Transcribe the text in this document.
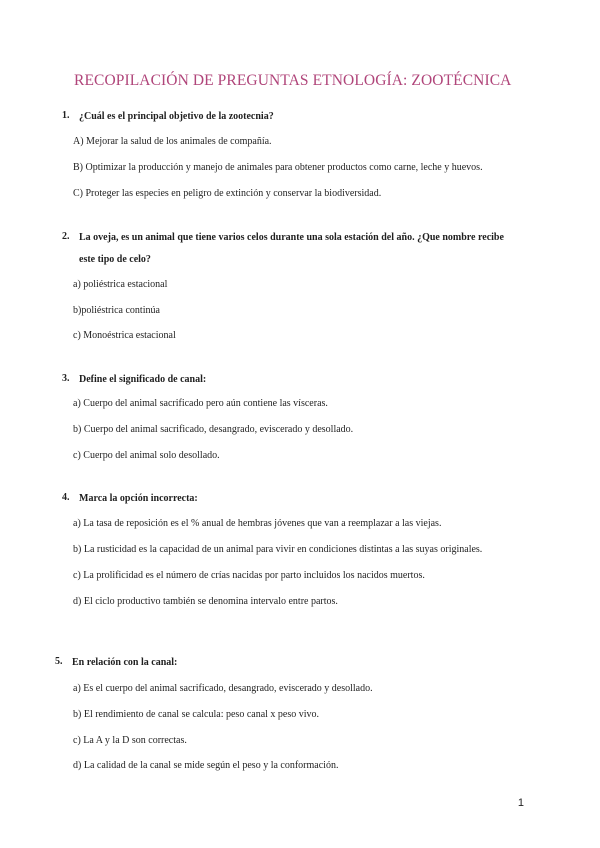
RECOPILACIÓN DE PREGUNTAS ETNOLOGÍA: ZOOTÉCNICA
1. ¿Cuál es el principal objetivo de la zootecnia?

A) Mejorar la salud de los animales de compañía.

B) Optimizar la producción y manejo de animales para obtener productos como carne, leche y huevos.

C) Proteger las especies en peligro de extinción y conservar la biodiversidad.

2. La oveja, es un animal que tiene varios celos durante una sola estación del año. ¿Que nombre recibe
este tipo de celo?

a) poliéstrica estacional

b)poliéstrica continúa

c) Monoéstrica estacional

3. Define el significado de canal:

a) Cuerpo del animal sacrificado pero aún contiene las vísceras.

b) Cuerpo del animal sacrificado, desangrado, eviscerado y desollado.

c) Cuerpo del animal solo desollado.

4. Marca la opción incorrecta:

a) La tasa de reposición es el % anual de hembras jóvenes que van a reemplazar a las viejas.

b) La rusticidad es la capacidad de un animal para vivir en condiciones distintas a las suyas originales.

c) La prolificidad es el número de crías nacidas por parto incluidos los nacidos muertos.

d) El ciclo productivo también se denomina intervalo entre partos.

5. En relación con la canal:

a) Es el cuerpo del animal sacrificado, desangrado, eviscerado y desollado.

b) El rendimiento de canal se calcula: peso canal x peso vivo.

c) La A y la D son correctas.

d) La calidad de la canal se mide según el peso y la conformación.

1
